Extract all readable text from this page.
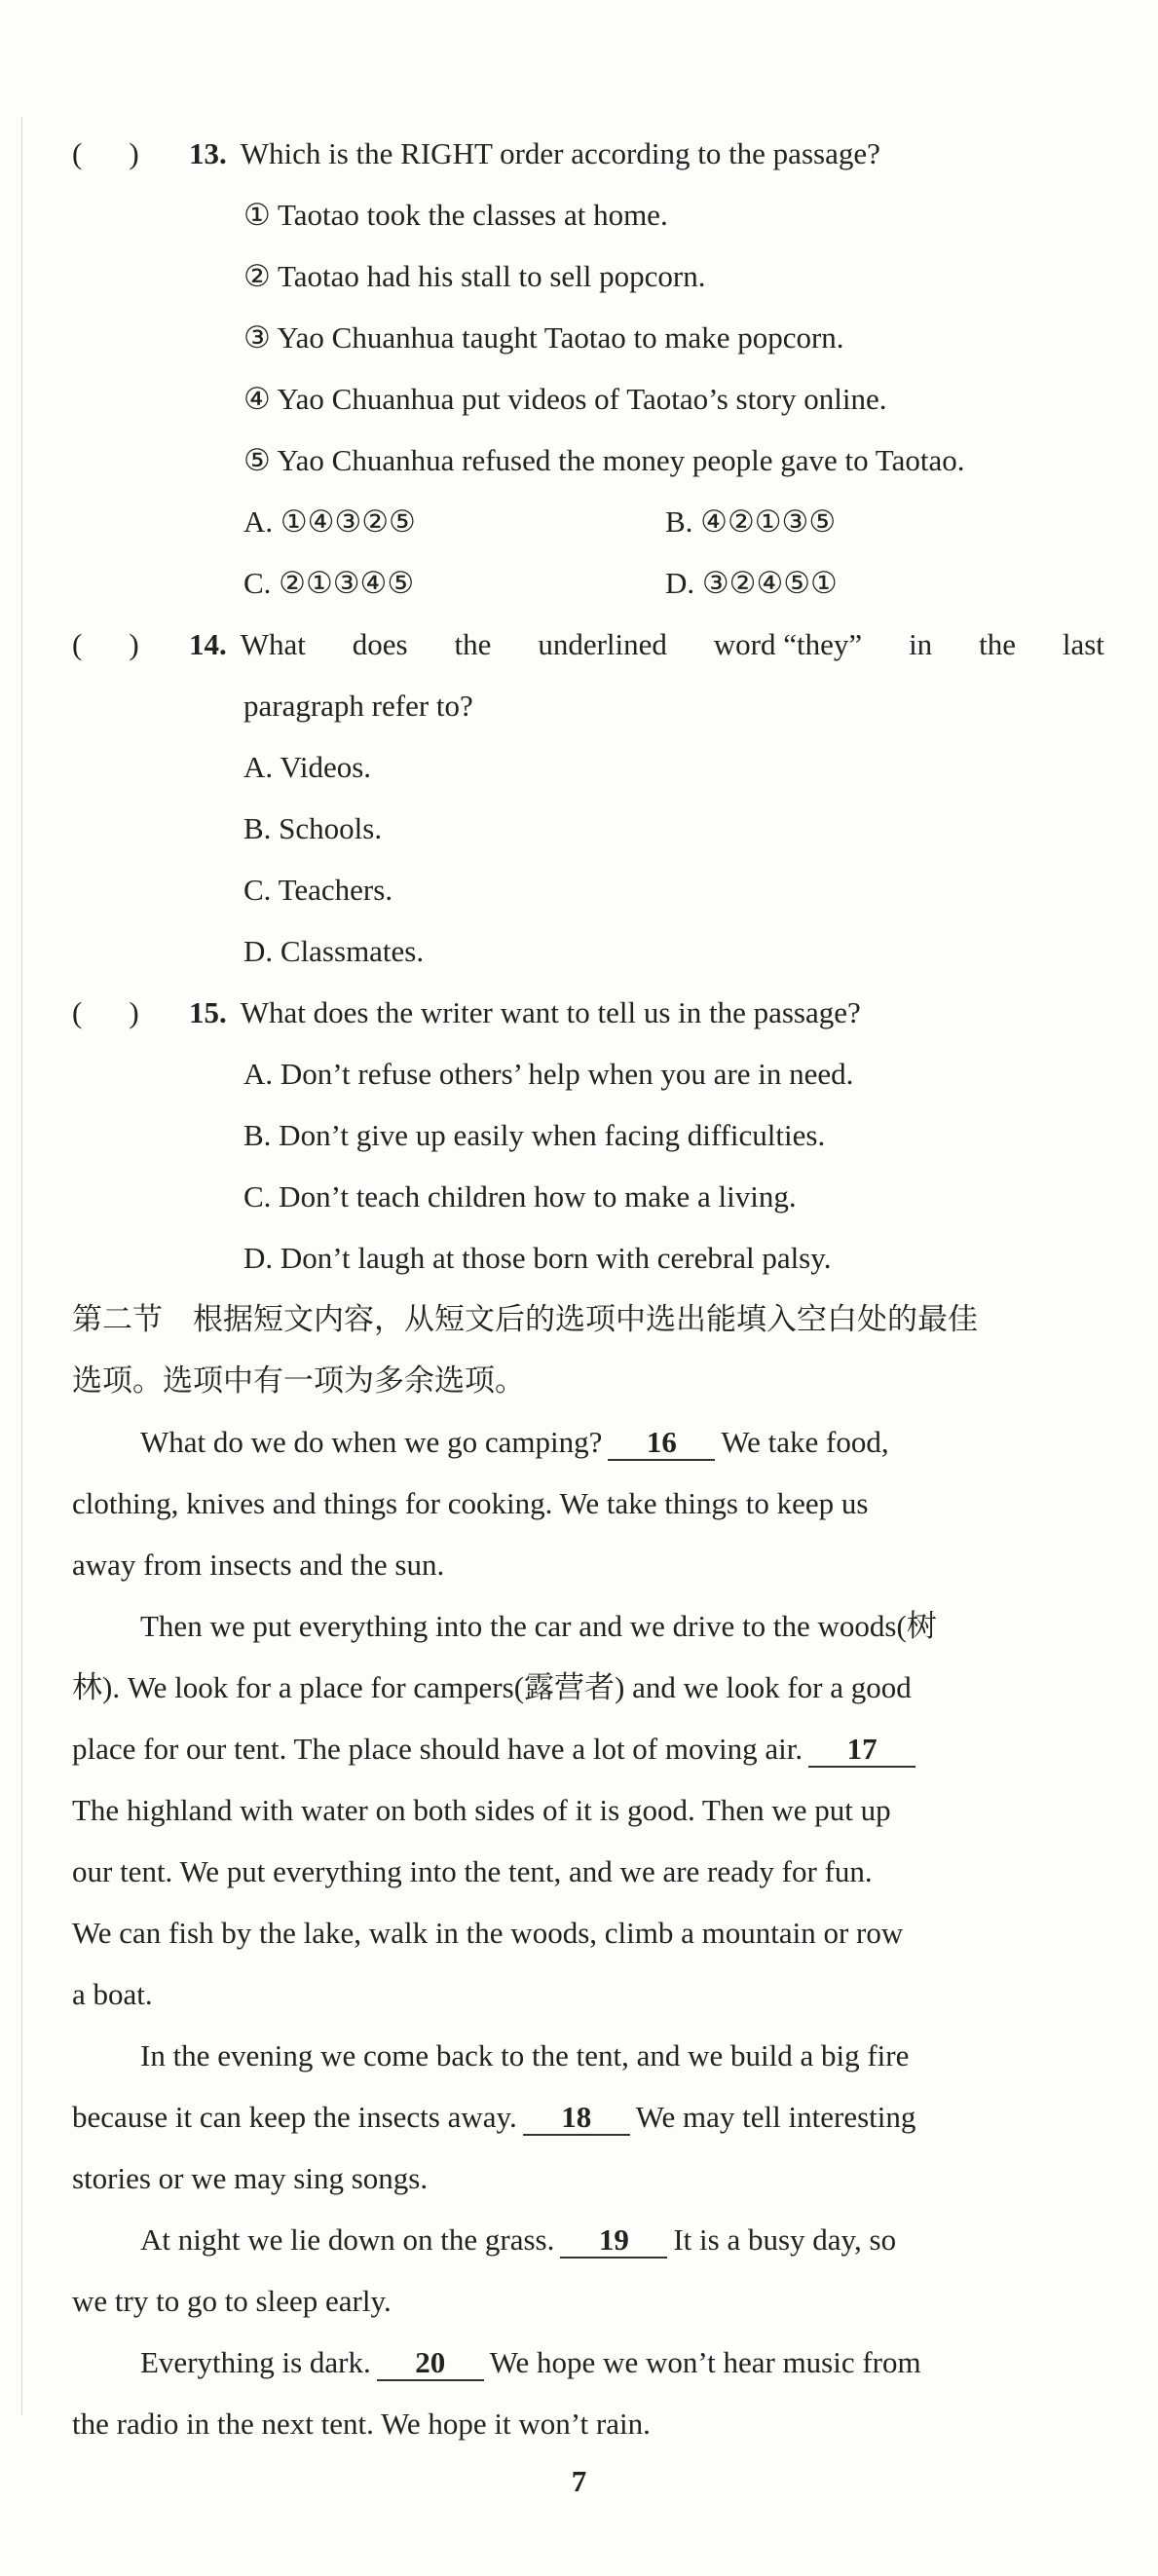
( ) 13. Which is the RIGHT order according to the passage?
① Taotao took the classes at home.
② Taotao had his stall to sell popcorn.
③ Yao Chuanhua taught Taotao to make popcorn.
④ Yao Chuanhua put videos of Taotao’s story online.
⑤ Yao Chuanhua refused the money people gave to Taotao.
A. ①④③②⑤	B. ④②①③⑤
C. ②①③④⑤	D. ③②④⑤①
( )	14. What does the underlined word “they” in the last
paragraph refer to?
A. Videos.
B. Schools.
C. Teachers.
D. Classmates.
( ) 15. What does the writer want to tell us in the passage?
A. Don’t refuse others’ help when you are in need.
B. Don’t give up easily when facing difficulties.
C. Don’t teach children how to make a living.
D. Don’t laugh at those born with cerebral palsy.
第二节　根据短文内容，从短文后的选项中选出能填入空白处的最佳
选项。选项中有一项为多余选项。
What do we do when we go camping? 16 We take food,
clothing, knives and things for cooking. We take things to keep us
away from insects and the sun.
Then we put everything into the car and we drive to the woods(树
林). We look for a place for campers(露营者) and we look for a good
place for our tent. The place should have a lot of moving air. 17
The highland with water on both sides of it is good. Then we put up
our tent. We put everything into the tent, and we are ready for fun.
We can fish by the lake, walk in the woods, climb a mountain or row
a boat.
In the evening we come back to the tent, and we build a big fire
because it can keep the insects away. 18 We may tell interesting
stories or we may sing songs.
At night we lie down on the grass. 19 It is a busy day, so
we try to go to sleep early.
Everything is dark. 20 We hope we won’t hear music from
the radio in the next tent. We hope it won’t rain.
7
